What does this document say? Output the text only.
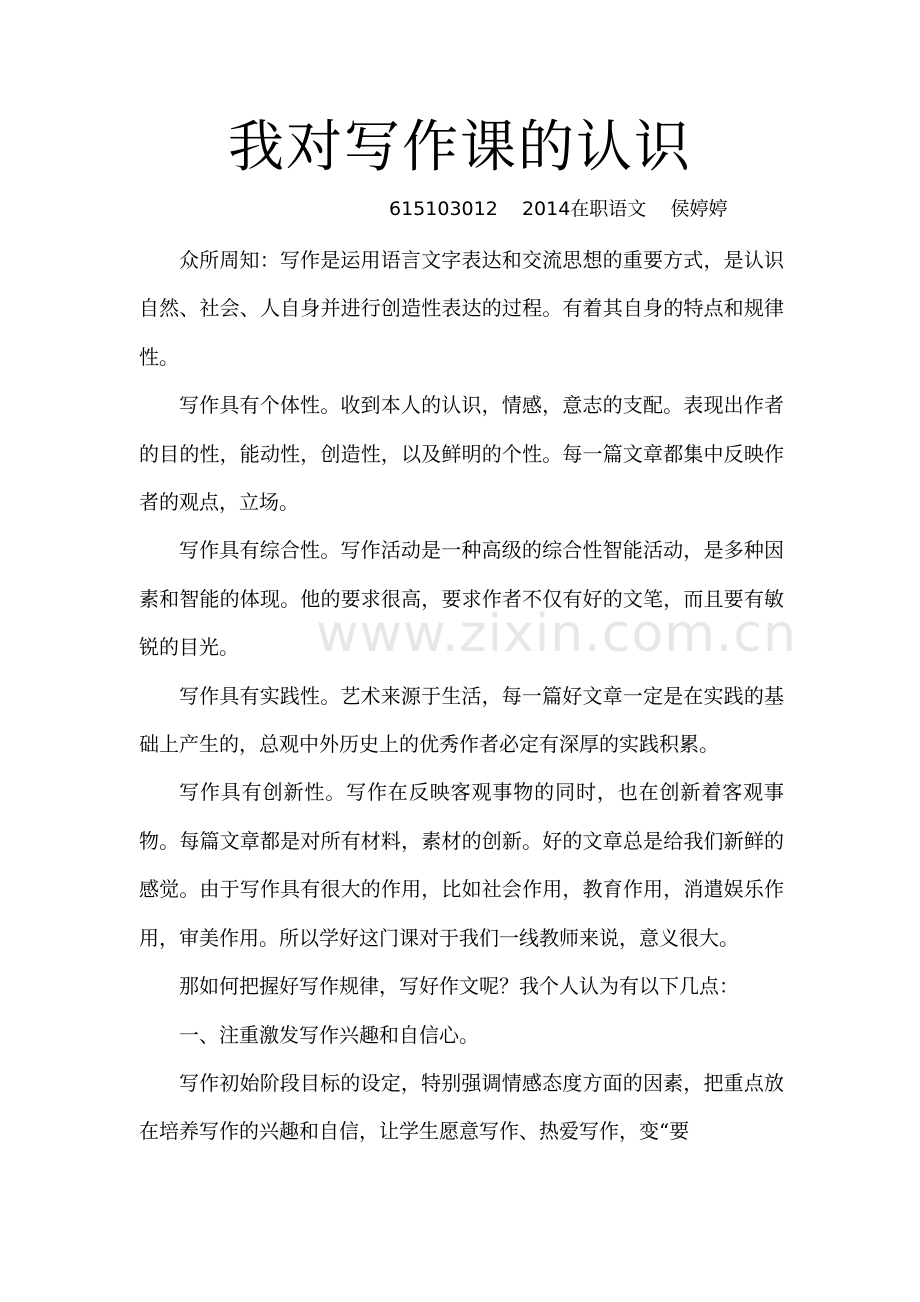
我对写作课的认识
615103012    2014在职语文    侯婷婷

众所周知：写作是运用语言文字表达和交流思想的重要方式，是认识自然、社会、人自身并进行创造性表达的过程。有着其自身的特点和规律性。

写作具有个体性。收到本人的认识，情感，意志的支配。表现出作者的目的性，能动性，创造性，以及鲜明的个性。每一篇文章都集中反映作者的观点，立场。

写作具有综合性。写作活动是一种高级的综合性智能活动，是多种因素和智能的体现。他的要求很高，要求作者不仅有好的文笔，而且要有敏锐的目光。

写作具有实践性。艺术来源于生活，每一篇好文章一定是在实践的基础上产生的，总观中外历史上的优秀作者必定有深厚的实践积累。

写作具有创新性。写作在反映客观事物的同时，也在创新着客观事物。每篇文章都是对所有材料，素材的创新。好的文章总是给我们新鲜的感觉。由于写作具有很大的作用，比如社会作用，教育作用，消遣娱乐作用，审美作用。所以学好这门课对于我们一线教师来说，意义很大。

那如何把握好写作规律，写好作文呢？我个人认为有以下几点：

一、注重激发写作兴趣和自信心。

写作初始阶段目标的设定，特别强调情感态度方面的因素，把重点放在培养写作的兴趣和自信，让学生愿意写作、热爱写作，变“要

www.zixin.com.cn
